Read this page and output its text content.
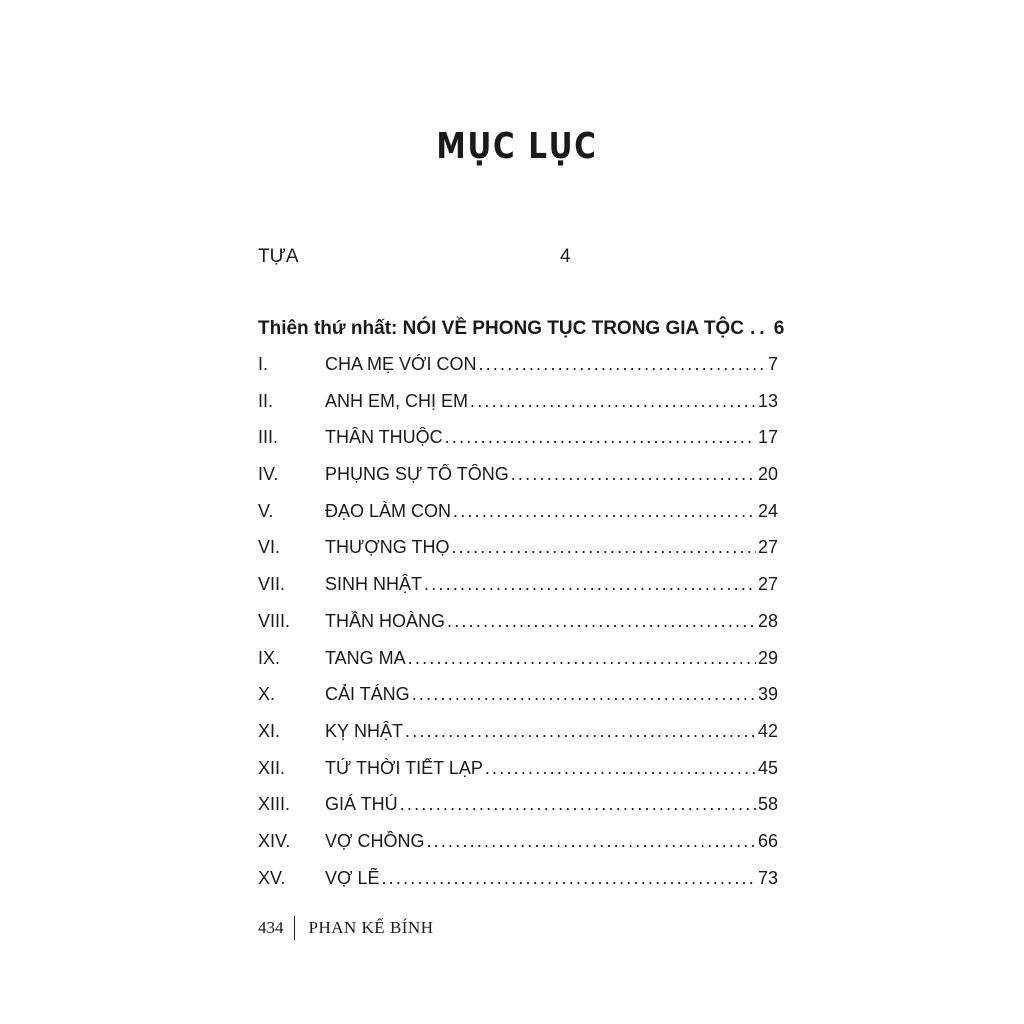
MỤC LỤC
TỰA	4
Thiên thứ nhất: NÓI VỀ PHONG TỤC TRONG GIA TỘC .. 6
I.	CHA MẸ VỚI CON .....	7
II.	ANH EM, CHỊ EM .....	13
III.	THÂN THUỘC .....	17
IV.	PHỤNG SỰ TỔ TÔNG .....	20
V.	ĐẠO LÀM CON .....	24
VI.	THƯỢNG THỌ .....	27
VII.	SINH NHẬT .....	27
VIII.	THẦN HOÀNG .....	28
IX.	TANG MA .....	29
X.	CẢI TÁNG .....	39
XI.	KỴ NHẬT .....	42
XII.	TỨ THỜI TIẾT LẠP .....	45
XIII.	GIÁ THÚ .....	58
XIV.	VỢ CHỒNG .....	66
XV.	VỢ LẼ .....	73
434	PHAN KẾ BÍNH
